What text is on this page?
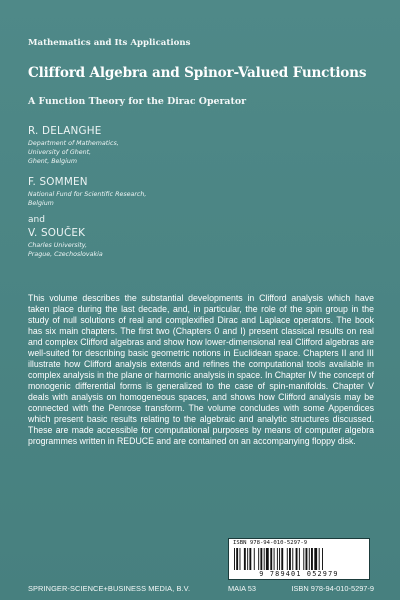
Mathematics and Its Applications
Clifford Algebra and Spinor-Valued Functions
A Function Theory for the Dirac Operator
R. DELANGHE
Department of Mathematics,
University of Ghent,
Ghent, Belgium
F. SOMMEN
National Fund for Scientific Research,
Belgium
and
V. SOUČEK
Charles University,
Prague, Czechoslovakia
This volume describes the substantial developments in Clifford analysis which have taken place during the last decade, and, in particular, the role of the spin group in the study of null solutions of real and complexified Dirac and Laplace operators. The book has six main chapters. The first two (Chapters 0 and I) present classical results on real and complex Clifford algebras and show how lower-dimensional real Clifford algebras are well-suited for describing basic geometric notions in Euclidean space. Chapters II and III illustrate how Clifford analysis extends and refines the computational tools available in complex analysis in the plane or harmonic analysis in space. In Chapter IV the concept of monogenic differential forms is generalized to the case of spin-manifolds. Chapter V deals with analysis on homogeneous spaces, and shows how Clifford analysis may be connected with the Penrose transform. The volume concludes with some Appendices which present basic results relating to the algebraic and analytic structures discussed. These are made accessible for computational purposes by means of computer algebra programmes written in REDUCE and are contained on an accompanying floppy disk.
ISBN 978-94-010-5297-9
9 789401 052979
SPRINGER-SCIENCE+BUSINESS MEDIA, B.V.	MAIA 53	ISBN 978-94-010-5297-9
